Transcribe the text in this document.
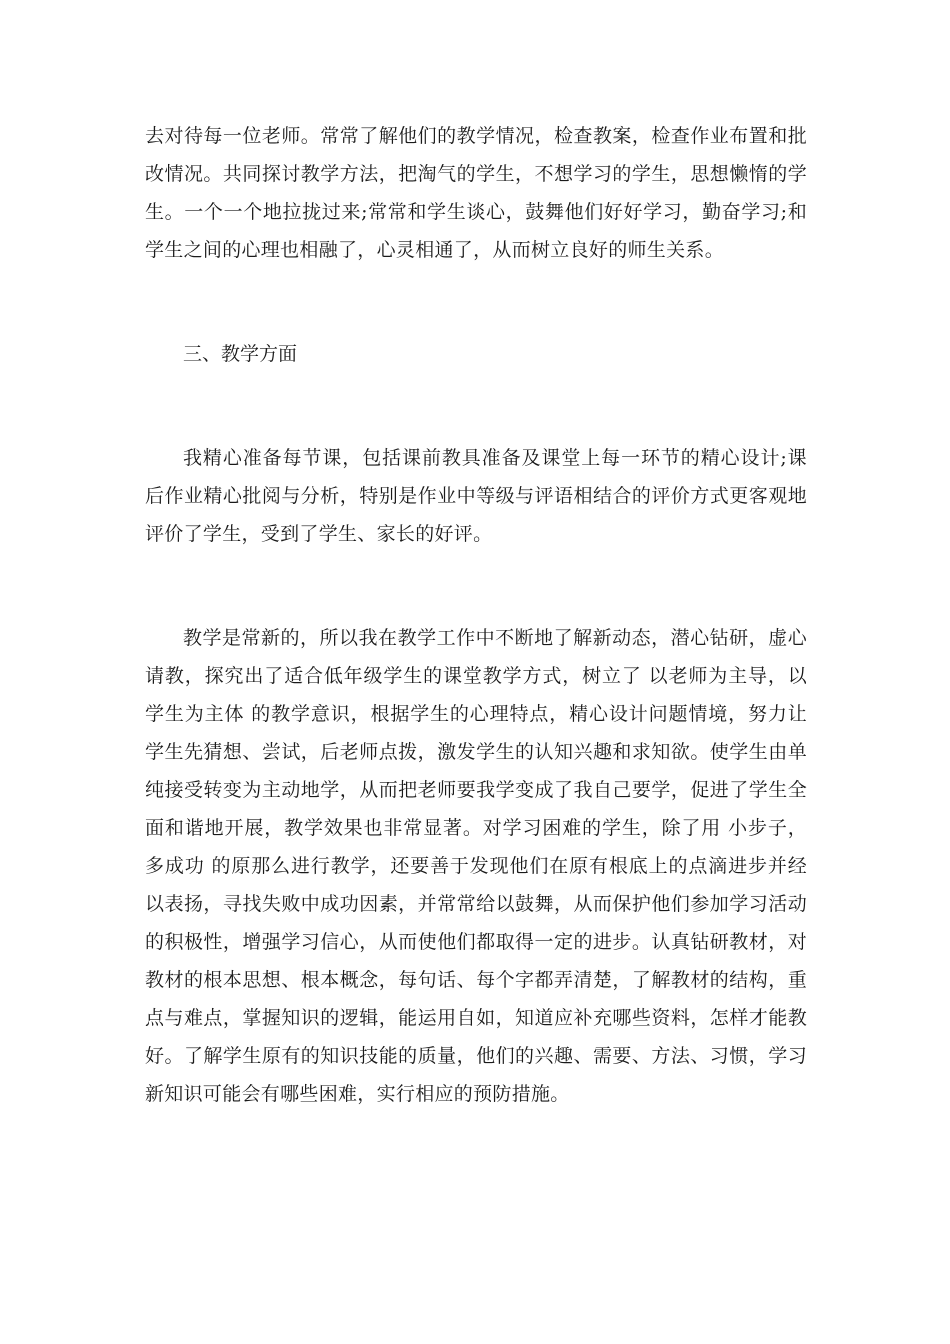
去对待每一位老师。常常了解他们的教学情况，检查教案，检查作业布置和批改情况。共同探讨教学方法，把淘气的学生，不想学习的学生，思想懒惰的学生。一个一个地拉拢过来;常常和学生谈心，鼓舞他们好好学习，勤奋学习;和学生之间的心理也相融了，心灵相通了，从而树立良好的师生关系。

三、教学方面

我精心准备每节课，包括课前教具准备及课堂上每一环节的精心设计;课后作业精心批阅与分析，特别是作业中等级与评语相结合的评价方式更客观地评价了学生，受到了学生、家长的好评。

教学是常新的，所以我在教学工作中不断地了解新动态，潜心钻研，虚心请教，探究出了适合低年级学生的课堂教学方式，树立了 以老师为主导，以学生为主体 的教学意识，根据学生的心理特点，精心设计问题情境，努力让学生先猜想、尝试，后老师点拨，激发学生的认知兴趣和求知欲。使学生由单纯接受转变为主动地学，从而把老师要我学变成了我自己要学，促进了学生全面和谐地开展，教学效果也非常显著。对学习困难的学生，除了用 小步子，多成功 的原那么进行教学，还要善于发现他们在原有根底上的点滴进步并经以表扬，寻找失败中成功因素，并常常给以鼓舞，从而保护他们参加学习活动的积极性，增强学习信心，从而使他们都取得一定的进步。认真钻研教材，对教材的根本思想、根本概念，每句话、每个字都弄清楚，了解教材的结构，重点与难点，掌握知识的逻辑，能运用自如，知道应补充哪些资料，怎样才能教好。了解学生原有的知识技能的质量，他们的兴趣、需要、方法、习惯，学习新知识可能会有哪些困难，实行相应的预防措施。
